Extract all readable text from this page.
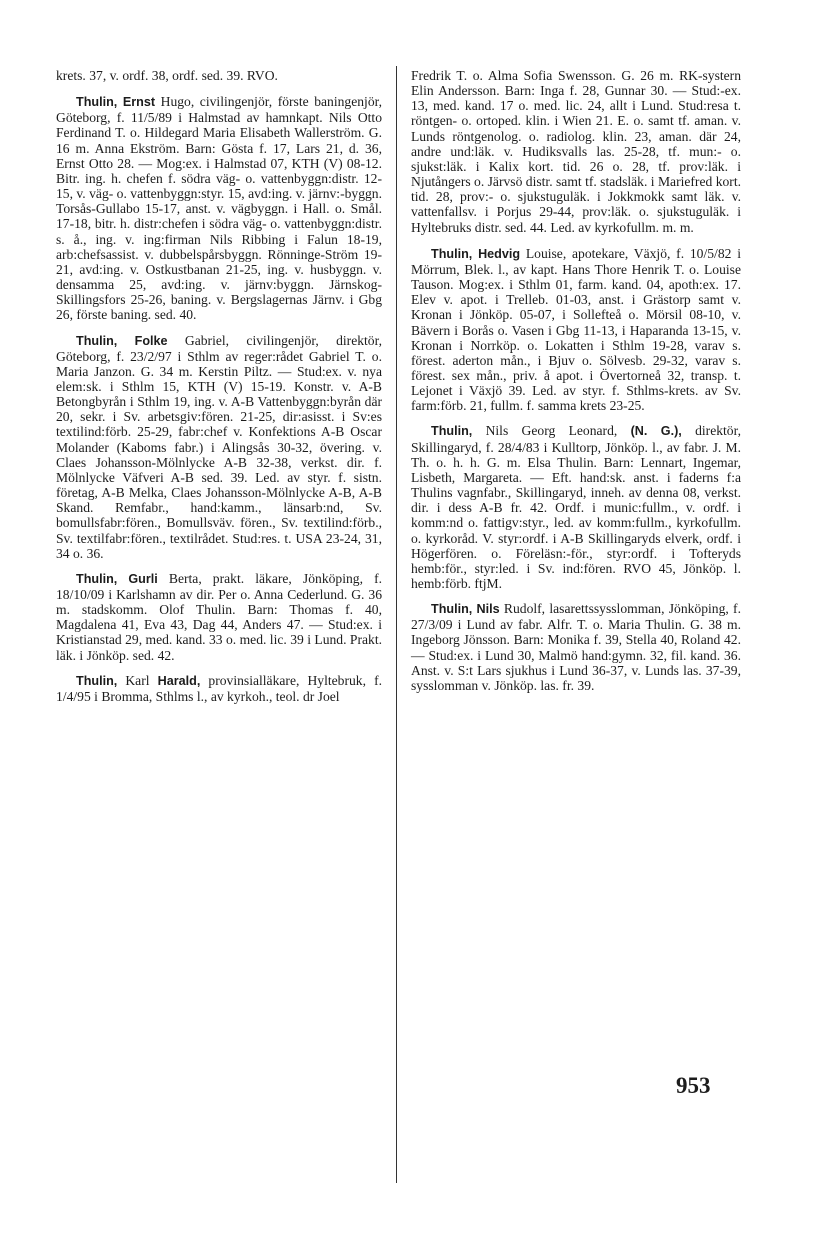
krets. 37, v. ordf. 38, ordf. sed. 39. RVO.

Thulin, Ernst Hugo, civilingenjör, förste baningenjör, Göteborg, f. 11/5/89 i Halmstad av hamnkapt. Nils Otto Ferdinand T. o. Hildegard Maria Elisabeth Wallerström. G. 16 m. Anna Ekström. Barn: Gösta f. 17, Lars 21, d. 36, Ernst Otto 28. — Mog:ex. i Halmstad 07, KTH (V) 08-12. Bitr. ing. h. chefen f. södra väg- o. vattenbyggn:distr. 12-15, v. väg- o. vattenbyggn:styr. 15, avd:ing. v. järnv:-byggn. Torsås-Gullabo 15-17, anst. v. vägbyggn. i Hall. o. Smål. 17-18, bitr. h. distr:chefen i södra väg- o. vattenbyggn:distr. s. å., ing. v. ing:firman Nils Ribbing i Falun 18-19, arb:chefsassist. v. dubbelspårsbyggn. Rönninge-Ström 19-21, avd:ing. v. Ostkustbanan 21-25, ing. v. husbyggn. v. densamma 25, avd:ing. v. järnv:byggn. Järnskog-Skillingsfors 25-26, baning. v. Bergslagernas Järnv. i Gbg 26, förste baning. sed. 40.

Thulin, Folke Gabriel, civilingenjör, direktör, Göteborg, f. 23/2/97 i Sthlm av reger:rådet Gabriel T. o. Maria Janzon. G. 34 m. Kerstin Piltz. — Stud:ex. v. nya elem:sk. i Sthlm 15, KTH (V) 15-19. Konstr. v. A-B Betongbyrån i Sthlm 19, ing. v. A-B Vattenbyggn:byrån där 20, sekr. i Sv. arbetsgiv:fören. 21-25, dir:asisst. i Sv:es textilind:förb. 25-29, fabr:chef v. Konfektions A-B Oscar Molander (Kaboms fabr.) i Alingsås 30-32, övering. v. Claes Johansson-Mölnlycke A-B 32-38, verkst. dir. f. Mölnlycke Väfveri A-B sed. 39. Led. av styr. f. sistn. företag, A-B Melka, Claes Johansson-Mölnlycke A-B, A-B Skand. Remfabr., hand:kamm., länsarb:nd, Sv. bomullsfabr:fören., Bomullsväv. fören., Sv. textilind:förb., Sv. textilfabr:fören., textilrådet. Stud:res. t. USA 23-24, 31, 34 o. 36.

Thulin, Gurli Berta, prakt. läkare, Jönköping, f. 18/10/09 i Karlshamn av dir. Per o. Anna Cederlund. G. 36 m. stadskomm. Olof Thulin. Barn: Thomas f. 40, Magdalena 41, Eva 43, Dag 44, Anders 47. — Stud:ex. i Kristianstad 29, med. kand. 33 o. med. lic. 39 i Lund. Prakt. läk. i Jönköp. sed. 42.

Thulin, Karl Harald, provinsialläkare, Hyltebruk, f. 1/4/95 i Bromma, Sthlms l., av kyrkoh., teol. dr Joel

Fredrik T. o. Alma Sofia Swensson. G. 26 m. RK-systern Elin Andersson. Barn: Inga f. 28, Gunnar 30. — Stud:-ex. 13, med. kand. 17 o. med. lic. 24, allt i Lund. Stud:resa t. röntgen- o. ortoped. klin. i Wien 21. E. o. samt tf. aman. v. Lunds röntgenolog. o. radiolog. klin. 23, aman. där 24, andre und:läk. v. Hudiksvalls las. 25-28, tf. mun:- o. sjukst:läk. i Kalix kort. tid. 26 o. 28, tf. prov:läk. i Njutångers o. Järvsö distr. samt tf. stadsläk. i Mariefred kort. tid. 28, prov:- o. sjukstuguläk. i Jokkmokk samt läk. v. vattenfallsv. i Porjus 29-44, prov:läk. o. sjukstuguläk. i Hyltebruks distr. sed. 44. Led. av kyrkofullm. m. m.

Thulin, Hedvig Louise, apotekare, Växjö, f. 10/5/82 i Mörrum, Blek. l., av kapt. Hans Thore Henrik T. o. Louise Tauson. Mog:ex. i Sthlm 01, farm. kand. 04, apoth:ex. 17. Elev v. apot. i Trelleb. 01-03, anst. i Grästorp samt v. Kronan i Jönköp. 05-07, i Sollefteå o. Mörsil 08-10, v. Bävern i Borås o. Vasen i Gbg 11-13, i Haparanda 13-15, v. Kronan i Norrköp. o. Lokatten i Sthlm 19-28, varav s. förest. aderton mån., i Bjuv o. Sölvesb. 29-32, varav s. förest. sex mån., priv. å apot. i Övertorneå 32, transp. t. Lejonet i Växjö 39. Led. av styr. f. Sthlms-krets. av Sv. farm:förb. 21, fullm. f. samma krets 23-25.

Thulin, Nils Georg Leonard, (N. G.), direktör, Skillingaryd, f. 28/4/83 i Kulltorp, Jönköp. l., av fabr. J. M. Th. o. h. h. G. m. Elsa Thulin. Barn: Lennart, Ingemar, Lisbeth, Margareta. — Eft. hand:sk. anst. i faderns f:a Thulins vagnfabr., Skillingaryd, inneh. av denna 08, verkst. dir. i dess A-B fr. 42. Ordf. i munic:fullm., v. ordf. i komm:nd o. fattigv:styr., led. av komm:fullm., kyrkofullm. o. kyrkoråd. V. styr:ordf. i A-B Skillingaryds elverk, ordf. i Högerfören. o. Föreläsn:-för., styr:ordf. i Tofteryds hemb:för., styr:led. i Sv. ind:fören. RVO 45, Jönköp. l. hemb:förb. ftjM.

Thulin, Nils Rudolf, lasarettssysslomman, Jönköping, f. 27/3/09 i Lund av fabr. Alfr. T. o. Maria Thulin. G. 38 m. Ingeborg Jönsson. Barn: Monika f. 39, Stella 40, Roland 42. — Stud:ex. i Lund 30, Malmö hand:gymn. 32, fil. kand. 36. Anst. v. S:t Lars sjukhus i Lund 36-37, v. Lunds las. 37-39, sysslomman v. Jönköp. las. fr. 39.

953
